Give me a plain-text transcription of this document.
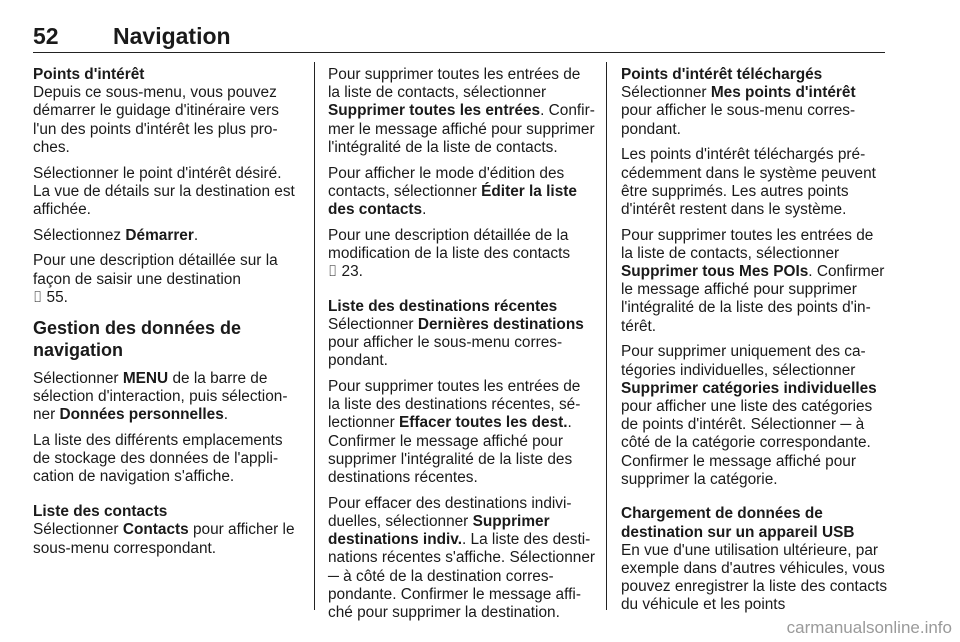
52	Navigation
Points d'intérêt

Depuis ce sous-menu, vous pouvez démarrer le guidage d'itinéraire vers l'un des points d'intérêt les plus proches.

Sélectionner le point d'intérêt désiré. La vue de détails sur la destination est affichée.

Sélectionnez Démarrer.

Pour une description détaillée sur la façon de saisir une destination
⌷ 55.

Gestion des données de navigation

Sélectionner MENU de la barre de sélection d'interaction, puis sélectionner Données personnelles.

La liste des différents emplacements de stockage des données de l'application de navigation s'affiche.

Liste des contacts

Sélectionner Contacts pour afficher le sous-menu correspondant.

Pour supprimer toutes les entrées de la liste de contacts, sélectionner Supprimer toutes les entrées. Confirmer le message affiché pour supprimer l'intégralité de la liste de contacts.

Pour afficher le mode d'édition des contacts, sélectionner Éditer la liste des contacts.

Pour une description détaillée de la modification de la liste des contacts
⌷ 23.

Liste des destinations récentes

Sélectionner Dernières destinations pour afficher le sous-menu correspondant.

Pour supprimer toutes les entrées de la liste des destinations récentes, sélectionner Effacer toutes les dest.. Confirmer le message affiché pour supprimer l'intégralité de la liste des destinations récentes.

Pour effacer des destinations individuelles, sélectionner Supprimer destinations indiv.. La liste des destinations récentes s'affiche. Sélectionner ─ à côté de la destination correspondante. Confirmer le message affiché pour supprimer la destination.

Points d'intérêt téléchargés

Sélectionner Mes points d'intérêt pour afficher le sous-menu correspondant.

Les points d'intérêt téléchargés précédemment dans le système peuvent être supprimés. Les autres points d'intérêt restent dans le système.

Pour supprimer toutes les entrées de la liste de contacts, sélectionner Supprimer tous Mes POIs. Confirmer le message affiché pour supprimer l'intégralité de la liste des points d'intérêt.

Pour supprimer uniquement des catégories individuelles, sélectionner Supprimer catégories individuelles pour afficher une liste des catégories de points d'intérêt. Sélectionner ─ à côté de la catégorie correspondante. Confirmer le message affiché pour supprimer la catégorie.

Chargement de données de destination sur un appareil USB

En vue d'une utilisation ultérieure, par exemple dans d'autres véhicules, vous pouvez enregistrer la liste des contacts du véhicule et les points

carmanualsonline.info
